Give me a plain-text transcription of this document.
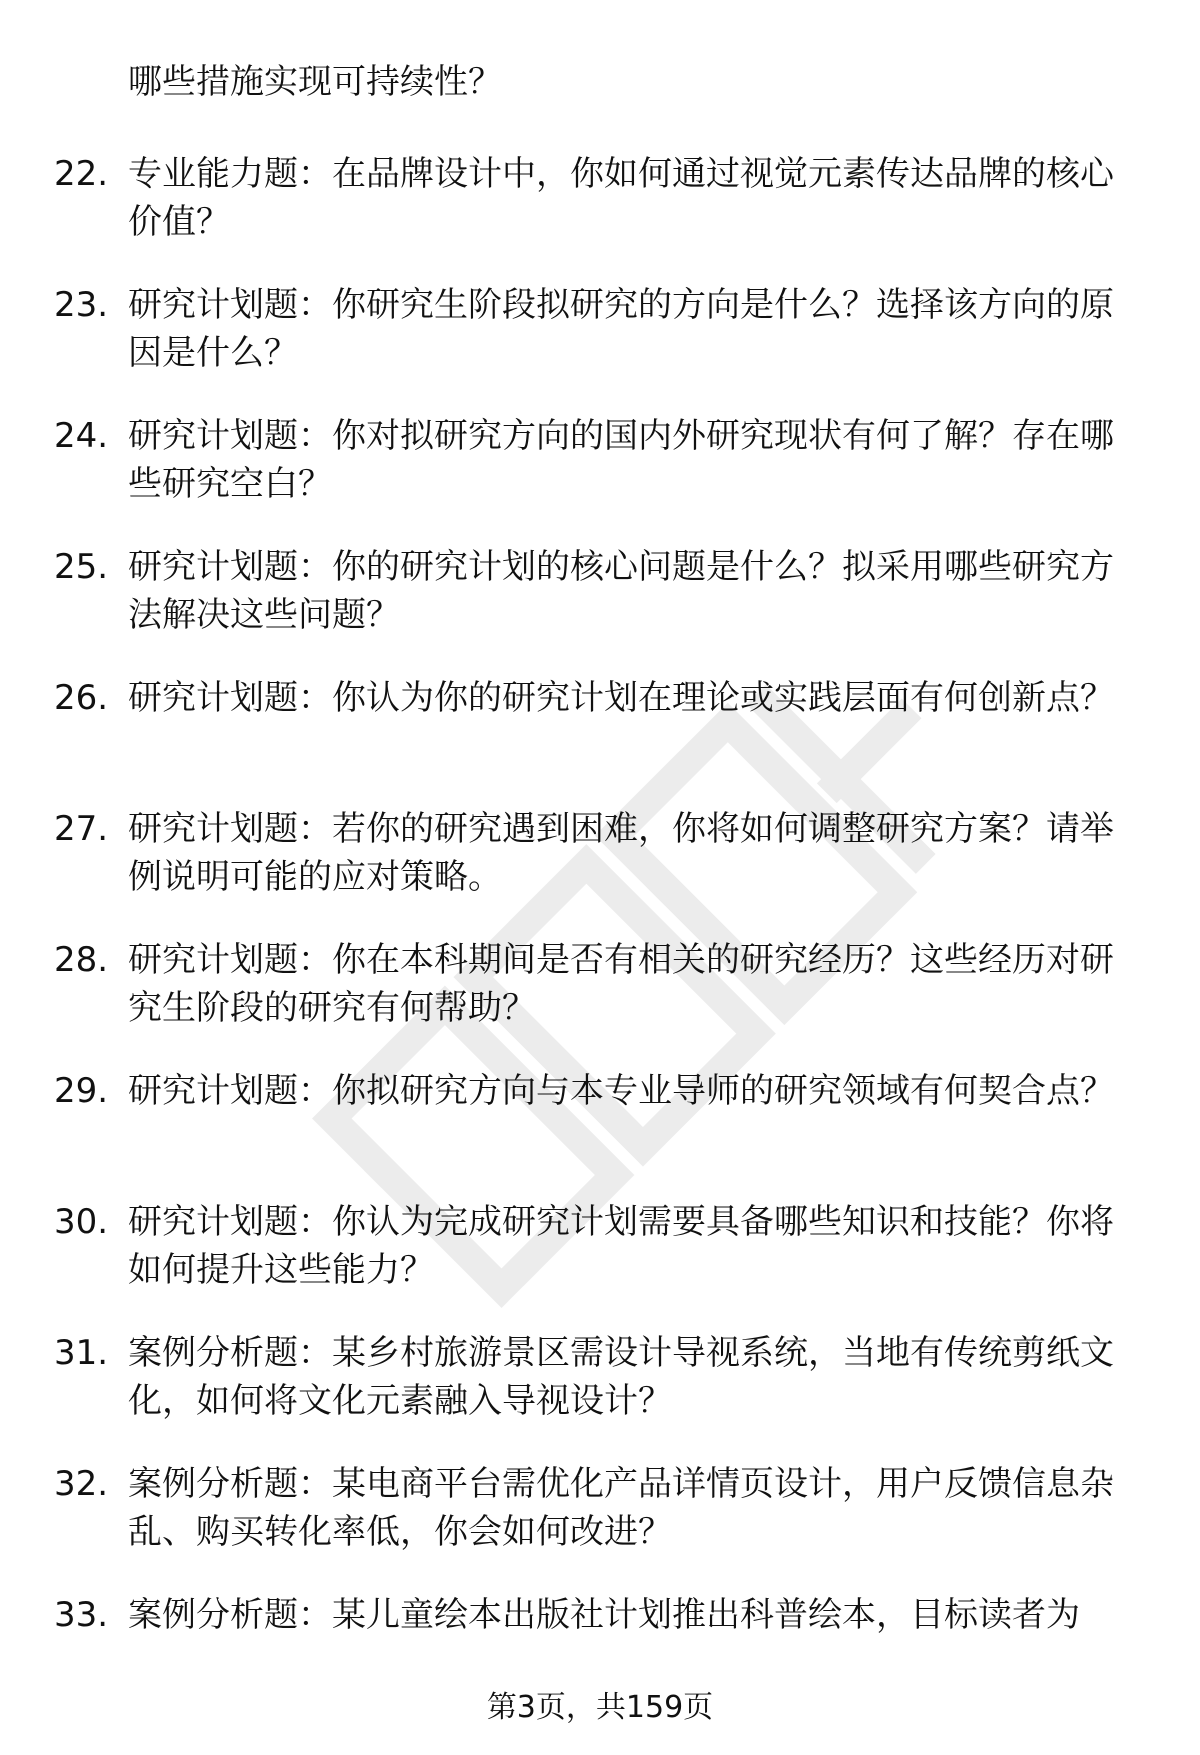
哪些措施实现可持续性？
22. 专业能力题：在品牌设计中，你如何通过视觉元素传达品牌的核心价值？
23. 研究计划题：你研究生阶段拟研究的方向是什么？选择该方向的原因是什么？
24. 研究计划题：你对拟研究方向的国内外研究现状有何了解？存在哪些研究空白？
25. 研究计划题：你的研究计划的核心问题是什么？拟采用哪些研究方法解决这些问题？
26. 研究计划题：你认为你的研究计划在理论或实践层面有何创新点？
27. 研究计划题：若你的研究遇到困难，你将如何调整研究方案？请举例说明可能的应对策略。
28. 研究计划题：你在本科期间是否有相关的研究经历？这些经历对研究生阶段的研究有何帮助？
29. 研究计划题：你拟研究方向与本专业导师的研究领域有何契合点？
30. 研究计划题：你认为完成研究计划需要具备哪些知识和技能？你将如何提升这些能力？
31. 案例分析题：某乡村旅游景区需设计导视系统，当地有传统剪纸文化，如何将文化元素融入导视设计？
32. 案例分析题：某电商平台需优化产品详情页设计，用户反馈信息杂乱、购买转化率低，你会如何改进？
33. 案例分析题：某儿童绘本出版社计划推出科普绘本，目标读者为
第3页，共159页
